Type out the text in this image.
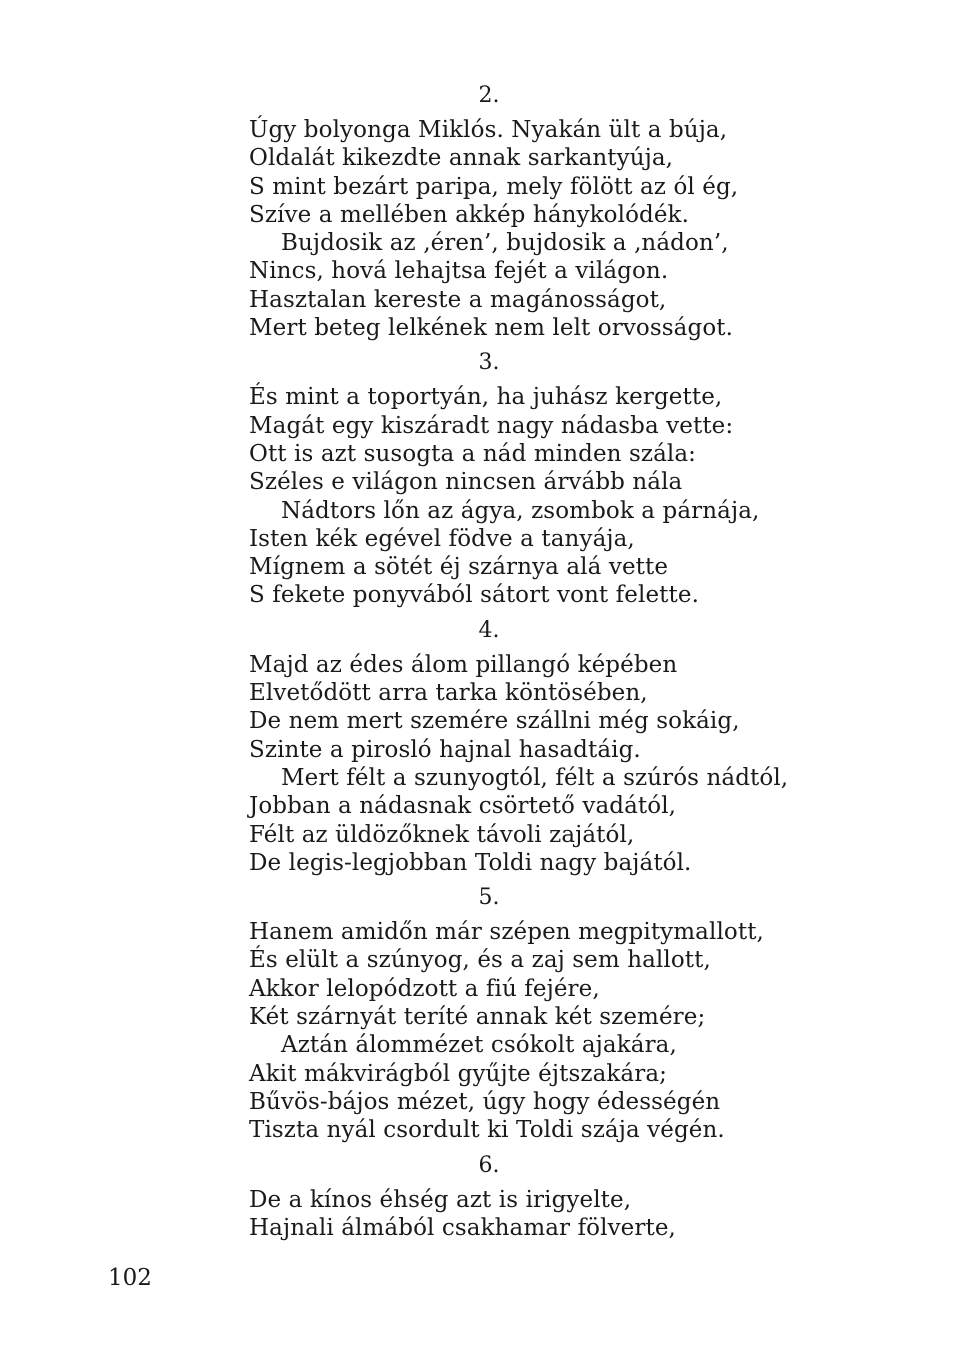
2.
Úgy bolyonga Miklós. Nyakán ült a búja,
Oldalát kikezdte annak sarkantyúja,
S mint bezárt paripa, mely fölött az ól ég,
Szíve a mellében akkép hánykolódék.
Bujdosik az ‚éren’, bujdosik a ‚nádon’,
Nincs, hová lehajtsa fejét a világon.
Hasztalan kereste a magánosságot,
Mert beteg lelkének nem lelt orvosságot.
3.
És mint a toportyán, ha juhász kergette,
Magát egy kiszáradt nagy nádasba vette:
Ott is azt susogta a nád minden szála:
Széles e világon nincsen árvább nála
Nádtors lőn az ágya, zsombok a párnája,
Isten kék egével födve a tanyája,
Mígnem a sötét éj szárnya alá vette
S fekete ponyvából sátort vont felette.
4.
Majd az édes álom pillangó képében
Elvetődött arra tarka köntösében,
De nem mert szemére szállni még sokáig,
Szinte a pirosló hajnal hasadtáig.
Mert félt a szunyogtól, félt a szúrós nádtól,
Jobban a nádasnak csörtető vadától,
Félt az üldözőknek távoli zajától,
De legis-legjobban Toldi nagy bajától.
5.
Hanem amidőn már szépen megpitymallott,
És elült a szúnyog, és a zaj sem hallott,
Akkor lelopódzott a fiú fejére,
Két szárnyát teríté annak két szemére;
Aztán álommézet csókolt ajakára,
Akit mákvirágból gyűjte éjtszakára;
Bűvös-bájos mézet, úgy hogy édességén
Tiszta nyál csordult ki Toldi szája végén.
6.
De a kínos éhség azt is irigyelte,
Hajnali álmából csakhamar fölverte,
102
